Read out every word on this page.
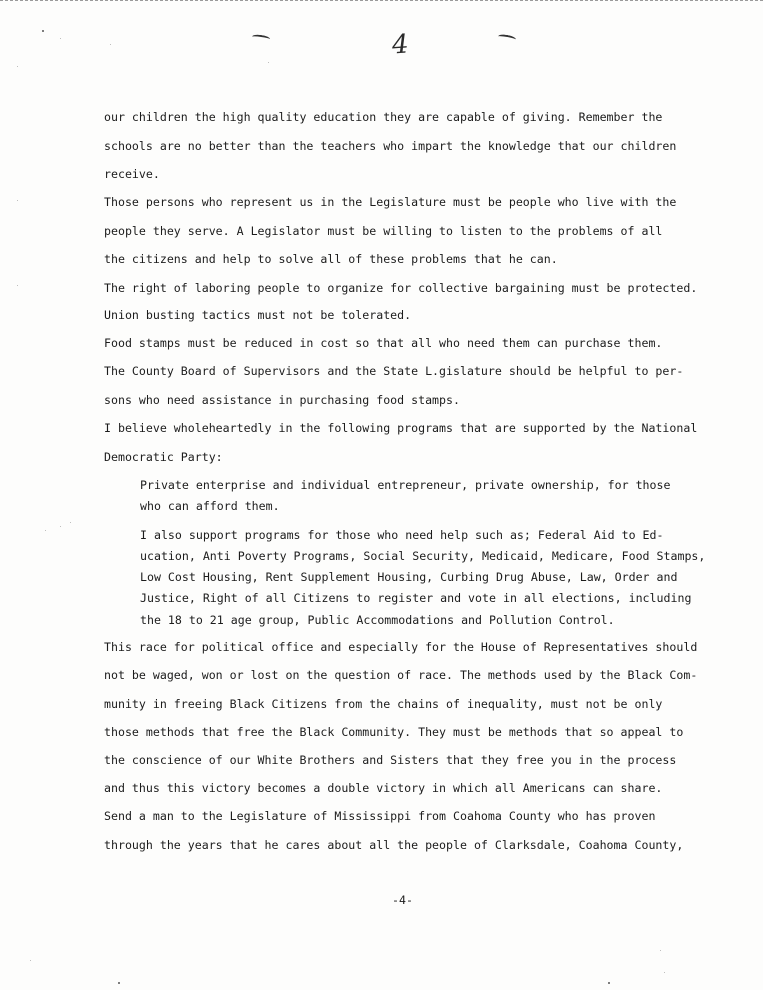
4
our children the high quality education they are capable of giving. Remember the
schools are no better than the teachers who impart the knowledge that our children
receive.
Those persons who represent us in the Legislature must be people who live with the
people they serve. A Legislator must be willing to listen to the problems of all
the citizens and help to solve all of these problems that he can.
The right of laboring people to organize for collective bargaining must be protected.
Union busting tactics must not be tolerated.
Food stamps must be reduced in cost so that all who need them can purchase them.
The County Board of Supervisors and the State L.gislature should be helpful to per-
sons who need assistance in purchasing food stamps.
I believe wholeheartedly in the following programs that are supported by the National
Democratic Party:
Private enterprise and individual entrepreneur, private ownership, for those
who can afford them.
I also support programs for those who need help such as; Federal Aid to Ed-
ucation, Anti Poverty Programs, Social Security, Medicaid, Medicare, Food Stamps,
Low Cost Housing, Rent Supplement Housing, Curbing Drug Abuse, Law, Order and
Justice, Right of all Citizens to register and vote in all elections, including
the 18 to 21 age group, Public Accommodations and Pollution Control.
This race for political office and especially for the House of Representatives should
not be waged, won or lost on the question of race. The methods used by the Black Com-
munity in freeing Black Citizens from the chains of inequality, must not be only
those methods that free the Black Community. They must be methods that so appeal to
the conscience of our White Brothers and Sisters that they free you in the process
and thus this victory becomes a double victory in which all Americans can share.
Send a man to the Legislature of Mississippi from Coahoma County who has proven
through the years that he cares about all the people of Clarksdale, Coahoma County,
-4-
